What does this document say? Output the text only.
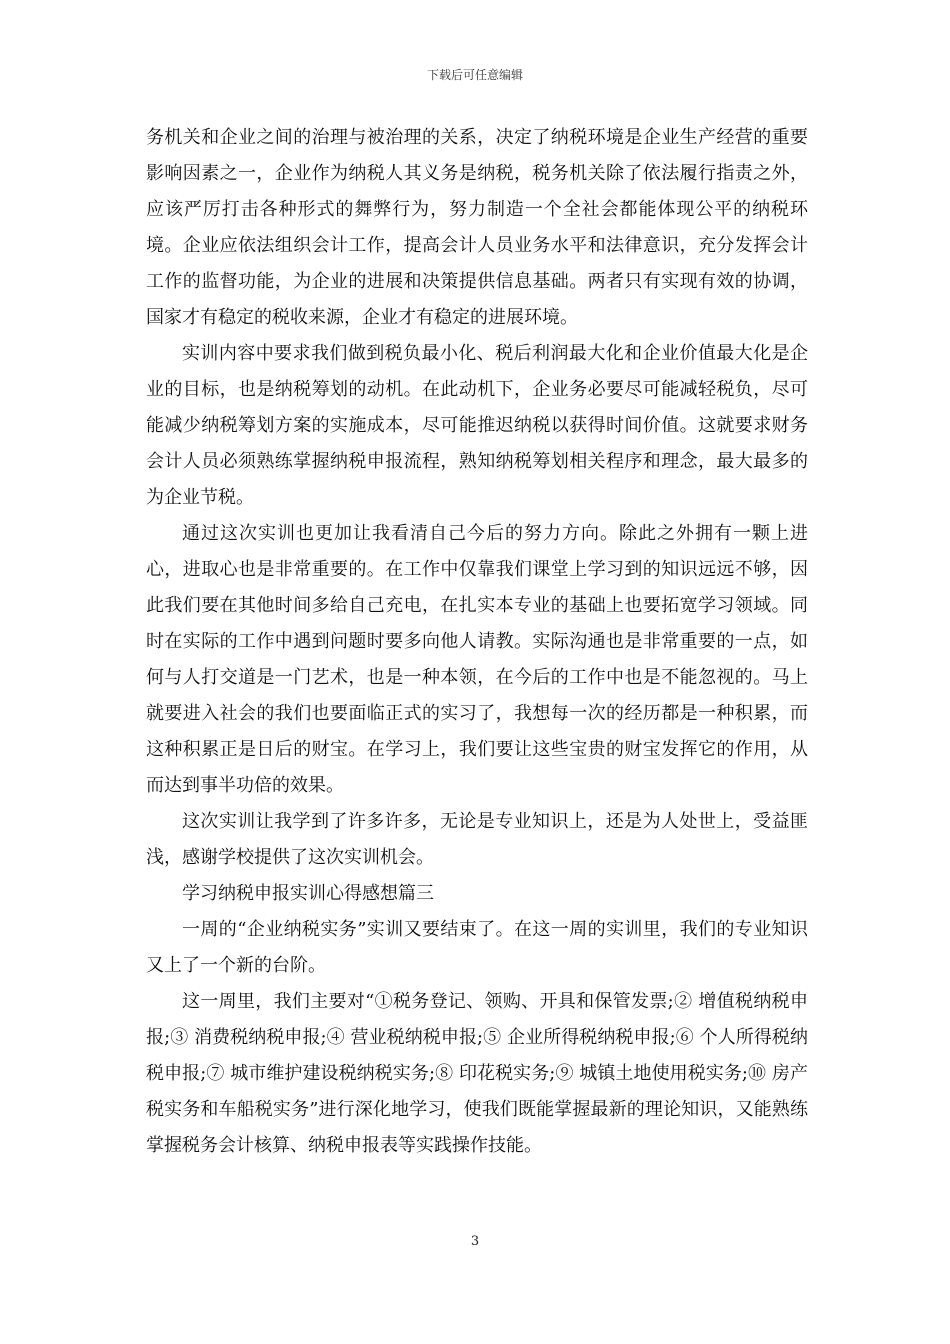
下载后可任意编辑

务机关和企业之间的治理与被治理的关系，决定了纳税环境是企业生产经营的重要影响因素之一，企业作为纳税人其义务是纳税，税务机关除了依法履行指责之外，应该严厉打击各种形式的舞弊行为，努力制造一个全社会都能体现公平的纳税环境。企业应依法组织会计工作，提高会计人员业务水平和法律意识，充分发挥会计工作的监督功能，为企业的进展和决策提供信息基础。两者只有实现有效的协调，国家才有稳定的税收来源，企业才有稳定的进展环境。

实训内容中要求我们做到税负最小化、税后利润最大化和企业价值最大化是企业的目标，也是纳税筹划的动机。在此动机下，企业务必要尽可能减轻税负，尽可能减少纳税筹划方案的实施成本，尽可能推迟纳税以获得时间价值。这就要求财务会计人员必须熟练掌握纳税申报流程，熟知纳税筹划相关程序和理念，最大最多的为企业节税。

通过这次实训也更加让我看清自己今后的努力方向。除此之外拥有一颗上进心，进取心也是非常重要的。在工作中仅靠我们课堂上学习到的知识远远不够，因此我们要在其他时间多给自己充电，在扎实本专业的基础上也要拓宽学习领域。同时在实际的工作中遇到问题时要多向他人请教。实际沟通也是非常重要的一点，如何与人打交道是一门艺术，也是一种本领，在今后的工作中也是不能忽视的。马上就要进入社会的我们也要面临正式的实习了，我想每一次的经历都是一种积累，而这种积累正是日后的财宝。在学习上，我们要让这些宝贵的财宝发挥它的作用，从而达到事半功倍的效果。

这次实训让我学到了许多许多，无论是专业知识上，还是为人处世上，受益匪浅，感谢学校提供了这次实训机会。

学习纳税申报实训心得感想篇三

一周的“企业纳税实务”实训又要结束了。在这一周的实训里，我们的专业知识又上了一个新的台阶。

这一周里，我们主要对“①税务登记、领购、开具和保管发票;② 增值税纳税申报;③ 消费税纳税申报;④ 营业税纳税申报;⑤ 企业所得税纳税申报;⑥ 个人所得税纳税申报;⑦ 城市维护建设税纳税实务;⑧ 印花税实务;⑨ 城镇土地使用税实务;⑩ 房产税实务和车船税实务”进行深化地学习，使我们既能掌握最新的理论知识，又能熟练掌握税务会计核算、纳税申报表等实践操作技能。

3
